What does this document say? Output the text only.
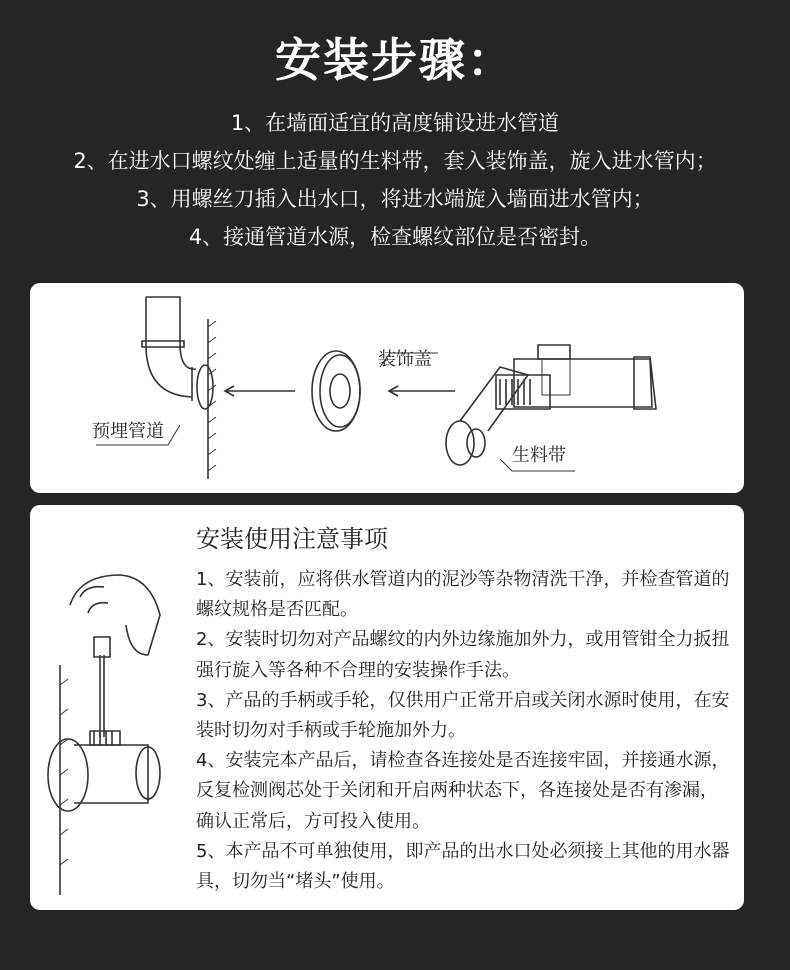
安装步骤：
1、在墙面适宜的高度铺设进水管道
2、在进水口螺纹处缠上适量的生料带，套入装饰盖，旋入进水管内；
3、用螺丝刀插入出水口，将进水端旋入墙面进水管内；
4、接通管道水源，检查螺纹部位是否密封。
预埋管道
装饰盖
生料带
安装使用注意事项

1、安装前，应将供水管道内的泥沙等杂物清洗干净，并检查管道的螺纹规格是否匹配。

2、安装时切勿对产品螺纹的内外边缘施加外力，或用管钳全力扳扭强行旋入等各种不合理的安装操作手法。

3、产品的手柄或手轮，仅供用户正常开启或关闭水源时使用，在安装时切勿对手柄或手轮施加外力。

4、安装完本产品后，请检查各连接处是否连接牢固，并接通水源，反复检测阀芯处于关闭和开启两种状态下，各连接处是否有渗漏，确认正常后，方可投入使用。

5、本产品不可单独使用，即产品的出水口处必须接上其他的用水器具，切勿当“堵头”使用。
